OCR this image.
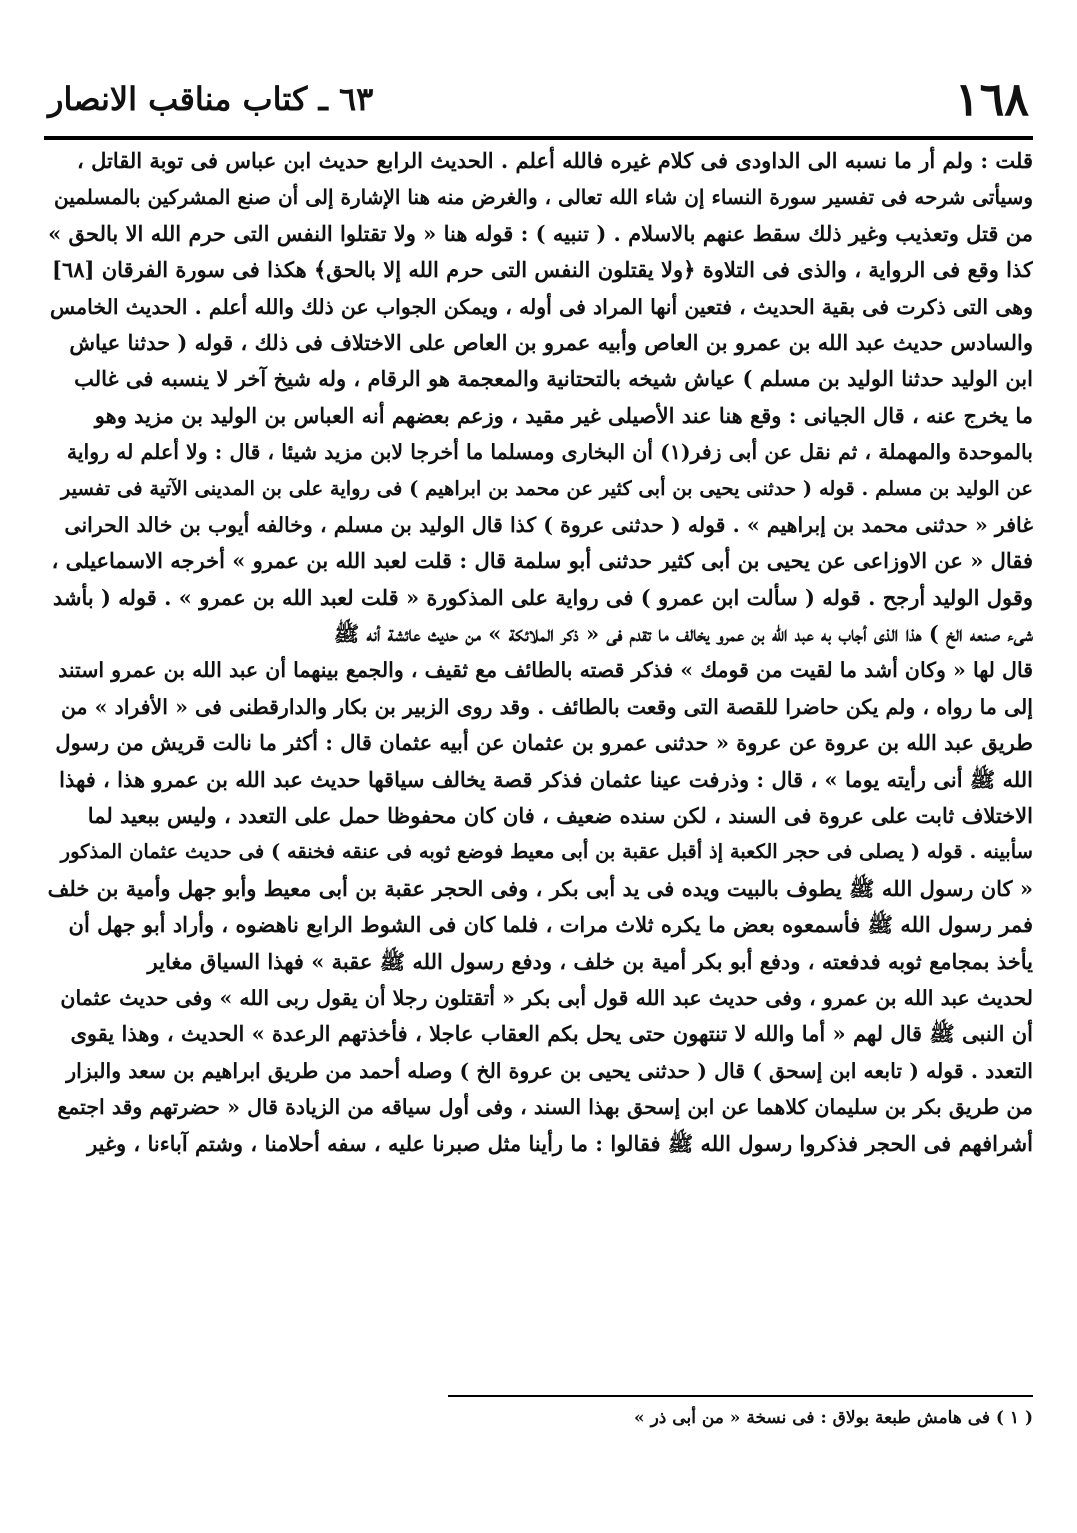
١٦٨
٦٣ ـ كتاب مناقب الانصار
قلت : ولم أر ما نسبه الى الداودى فى كلام غيره فالله أعلم . الحديث الرابع حديث ابن عباس فى توبة القاتل ،
وسيأتى شرحه فى تفسير سورة النساء إن شاء الله تعالى ، والغرض منه هنا الإشارة إلى أن صنع المشركين بالمسلمين
من قتل وتعذيب وغير ذلك سقط عنهم بالاسلام . ( تنبيه ) : قوله هنا « ولا تقتلوا النفس التى حرم الله الا بالحق »
كذا وقع فى الرواية ، والذى فى التلاوة ﴿ولا يقتلون النفس التى حرم الله إلا بالحق﴾ هكذا فى سورة الفرقان [٦٨]
وهى التى ذكرت فى بقية الحديث ، فتعين أنها المراد فى أوله ، ويمكن الجواب عن ذلك والله أعلم . الحديث الخامس
والسادس حديث عبد الله بن عمرو بن العاص وأبيه عمرو بن العاص على الاختلاف فى ذلك ، قوله ( حدثنا عياش
ابن الوليد حدثنا الوليد بن مسلم ) عياش شيخه بالتحتانية والمعجمة هو الرقام ، وله شيخ آخر لا ينسبه فى غالب
ما يخرج عنه ، قال الجيانى : وقع هنا عند الأصيلى غير مقيد ، وزعم بعضهم أنه العباس بن الوليد بن مزيد وهو
بالموحدة والمهملة ، ثم نقل عن أبى زفر(١) أن البخارى ومسلما ما أخرجا لابن مزيد شيئا ، قال : ولا أعلم له رواية
عن الوليد بن مسلم . قوله ( حدثنى يحيى بن أبى كثير عن محمد بن ابراهيم ) فى رواية على بن المدينى الآتية فى تفسير
غافر « حدثنى محمد بن إبراهيم » . قوله ( حدثنى عروة ) كذا قال الوليد بن مسلم ، وخالفه أيوب بن خالد الحرانى
فقال « عن الاوزاعى عن يحيى بن أبى كثير حدثنى أبو سلمة قال : قلت لعبد الله بن عمرو » أخرجه الاسماعيلى ،
وقول الوليد أرجح . قوله ( سألت ابن عمرو ) فى رواية على المذكورة « قلت لعبد الله بن عمرو » . قوله ( بأشد
شىء صنعه الخ ) هذا الذى أجاب به عبد الله بن عمرو يخالف ما تقدم فى « ذكر الملائكة » من حديث عائشة أنه ﷺ
قال لها « وكان أشد ما لقيت من قومك » فذكر قصته بالطائف مع ثقيف ، والجمع بينهما أن عبد الله بن عمرو استند
إلى ما رواه ، ولم يكن حاضرا للقصة التى وقعت بالطائف . وقد روى الزبير بن بكار والدارقطنى فى « الأفراد » من
طريق عبد الله بن عروة عن عروة « حدثنى عمرو بن عثمان عن أبيه عثمان قال : أكثر ما نالت قريش من رسول
الله ﷺ أنى رأيته يوما » ، قال : وذرفت عينا عثمان فذكر قصة يخالف سياقها حديث عبد الله بن عمرو هذا ، فهذا
الاختلاف ثابت على عروة فى السند ، لكن سنده ضعيف ، فان كان محفوظا حمل على التعدد ، وليس ببعيد لما
سأبينه . قوله ( يصلى فى حجر الكعبة إذ أقبل عقبة بن أبى معيط فوضع ثوبه فى عنقه فخنقه ) فى حديث عثمان المذكور
« كان رسول الله ﷺ يطوف بالبيت ويده فى يد أبى بكر ، وفى الحجر عقبة بن أبى معيط وأبو جهل وأمية بن خلف
فمر رسول الله ﷺ فأسمعوه بعض ما يكره ثلاث مرات ، فلما كان فى الشوط الرابع ناهضوه ، وأراد أبو جهل أن
يأخذ بمجامع ثوبه فدفعته ، ودفع أبو بكر أمية بن خلف ، ودفع رسول الله ﷺ عقبة » فهذا السياق مغاير
لحديث عبد الله بن عمرو ، وفى حديث عبد الله قول أبى بكر « أتقتلون رجلا أن يقول ربى الله » وفى حديث عثمان
أن النبى ﷺ قال لهم « أما والله لا تنتهون حتى يحل بكم العقاب عاجلا ، فأخذتهم الرعدة » الحديث ، وهذا يقوى
التعدد . قوله ( تابعه ابن إسحق ) قال ( حدثنى يحيى بن عروة الخ ) وصله أحمد من طريق ابراهيم بن سعد والبزار
من طريق بكر بن سليمان كلاهما عن ابن إسحق بهذا السند ، وفى أول سياقه من الزيادة قال « حضرتهم وقد اجتمع
أشرافهم فى الحجر فذكروا رسول الله ﷺ فقالوا : ما رأينا مثل صبرنا عليه ، سفه أحلامنا ، وشتم آباءنا ، وغير
( ١ ) فى هامش طبعة بولاق : فى نسخة « من أبى ذر »
